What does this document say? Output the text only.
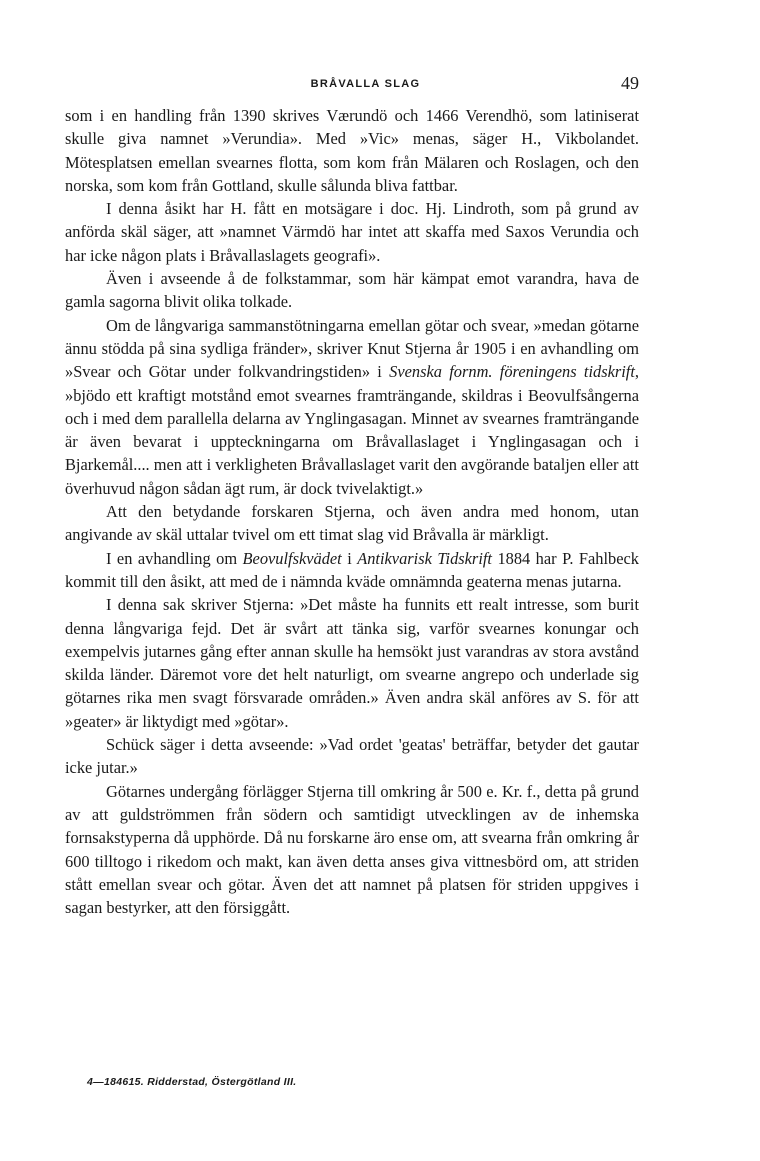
BRÅVALLA SLAG	49

som i en handling från 1390 skrives Værundö och 1466 Verendhö, som latiniserat skulle giva namnet »Verundia». Med »Vic» menas, säger H., Vikbolandet. Mötesplatsen emellan svearnes flotta, som kom från Mälaren och Roslagen, och den norska, som kom från Gottland, skulle sålunda bliva fattbar.

I denna åsikt har H. fått en motsägare i doc. Hj. Lindroth, som på grund av anförda skäl säger, att »namnet Värmdö har intet att skaffa med Saxos Verundia och har icke någon plats i Bråvallaslagets geografi».

Även i avseende å de folkstammar, som här kämpat emot varandra, hava de gamla sagorna blivit olika tolkade.

Om de långvariga sammanstötningarna emellan götar och svear, »medan götarne ännu stödda på sina sydliga fränder», skriver Knut Stjerna år 1905 i en avhandling om »Svear och Götar under folkvandringstiden» i Svenska fornm. föreningens tidskrift, »bjödo ett kraftigt motstånd emot svearnes framträngande, skildras i Beovulfsångerna och i med dem parallella delarna av Ynglingasagan. Minnet av svearnes framträngande är även bevarat i uppteckningarna om Bråvallaslaget i Ynglingasagan och i Bjarkemål.... men att i verkligheten Bråvallaslaget varit den avgörande bataljen eller att överhuvud någon sådan ägt rum, är dock tvivelaktigt.»

Att den betydande forskaren Stjerna, och även andra med honom, utan angivande av skäl uttalar tvivel om ett timat slag vid Bråvalla är märkligt.

I en avhandling om Beovulfskvädet i Antikvarisk Tidskrift 1884 har P. Fahlbeck kommit till den åsikt, att med de i nämnda kväde omnämnda geaterna menas jutarna.

I denna sak skriver Stjerna: »Det måste ha funnits ett realt intresse, som burit denna långvariga fejd. Det är svårt att tänka sig, varför svearnes konungar och exempelvis jutarnes gång efter annan skulle ha hemsökt just varandras av stora avstånd skilda länder. Däremot vore det helt naturligt, om svearne angrepo och underlade sig götarnes rika men svagt försvarade områden.» Även andra skäl anföres av S. för att »geater» är liktydigt med »götar».

Schück säger i detta avseende: »Vad ordet 'geatas' beträffar, betyder det gautar icke jutar.»

Götarnes undergång förlägger Stjerna till omkring år 500 e. Kr. f., detta på grund av att guldströmmen från södern och samtidigt utvecklingen av de inhemska fornsakstyperna då upphörde. Då nu forskarne äro ense om, att svearna från omkring år 600 tilltogo i rikedom och makt, kan även detta anses giva vittnesbörd om, att striden stått emellan svear och götar. Även det att namnet på platsen för striden uppgives i sagan bestyrker, att den försiggått.

4—184615. Ridderstad, Östergötland III.
